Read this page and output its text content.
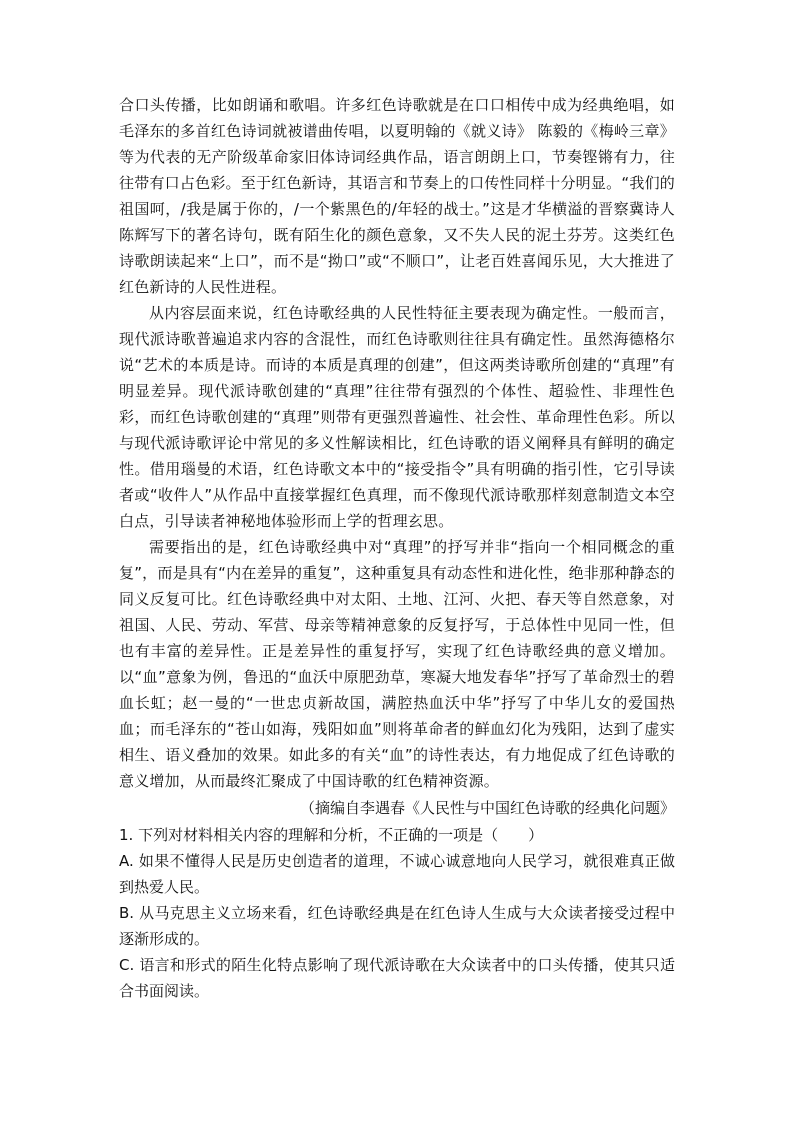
合口头传播，比如朗诵和歌唱。许多红色诗歌就是在口口相传中成为经典绝唱，如毛泽东的多首红色诗词就被谱曲传唱，以夏明翰的《就义诗》 陈毅的《梅岭三章》等为代表的无产阶级革命家旧体诗词经典作品，语言朗朗上口，节奏铿锵有力，往往带有口占色彩。至于红色新诗，其语言和节奏上的口传性同样十分明显。“我们的祖国呵，/我是属于你的，/一个紫黑色的/年轻的战士。”这是才华横溢的晋察冀诗人陈辉写下的著名诗句，既有陌生化的颜色意象，又不失人民的泥土芬芳。这类红色诗歌朗读起来“上口”，而不是“拗口”或“不顺口”，让老百姓喜闻乐见，大大推进了红色新诗的人民性进程。

从内容层面来说，红色诗歌经典的人民性特征主要表现为确定性。一般而言，现代派诗歌普遍追求内容的含混性，而红色诗歌则往往具有确定性。虽然海德格尔说“艺术的本质是诗。而诗的本质是真理的创建”，但这两类诗歌所创建的“真理”有明显差异。现代派诗歌创建的“真理”往往带有强烈的个体性、超验性、非理性色彩，而红色诗歌创建的“真理”则带有更强烈普遍性、社会性、革命理性色彩。所以与现代派诗歌评论中常见的多义性解读相比，红色诗歌的语义阐释具有鲜明的确定性。借用瑙曼的术语，红色诗歌文本中的“接受指令”具有明确的指引性，它引导读者或“收件人”从作品中直接掌握红色真理，而不像现代派诗歌那样刻意制造文本空白点，引导读者神秘地体验形而上学的哲理玄思。

需要指出的是，红色诗歌经典中对“真理”的抒写并非“指向一个相同概念的重复”，而是具有“内在差异的重复”，这种重复具有动态性和进化性，绝非那种静态的同义反复可比。红色诗歌经典中对太阳、土地、江河、火把、春天等自然意象，对祖国、人民、劳动、军营、母亲等精神意象的反复抒写，于总体性中见同一性，但也有丰富的差异性。正是差异性的重复抒写，实现了红色诗歌经典的意义增加。以“血”意象为例，鲁迅的“血沃中原肥劲草，寒凝大地发春华”抒写了革命烈士的碧血长虹；赵一曼的“一世忠贞新故国，满腔热血沃中华”抒写了中华儿女的爱国热血；而毛泽东的“苍山如海，残阳如血”则将革命者的鲜血幻化为残阳，达到了虚实相生、语义叠加的效果。如此多的有关“血”的诗性表达，有力地促成了红色诗歌的意义增加，从而最终汇聚成了中国诗歌的红色精神资源。

（摘编自李遇春《人民性与中国红色诗歌的经典化问题》

1. 下列对材料相关内容的理解和分析，不正确的一项是（　　）

A. 如果不懂得人民是历史创造者的道理，不诚心诚意地向人民学习，就很难真正做到热爱人民。

B. 从马克思主义立场来看，红色诗歌经典是在红色诗人生成与大众读者接受过程中逐渐形成的。

C. 语言和形式的陌生化特点影响了现代派诗歌在大众读者中的口头传播，使其只适合书面阅读。
